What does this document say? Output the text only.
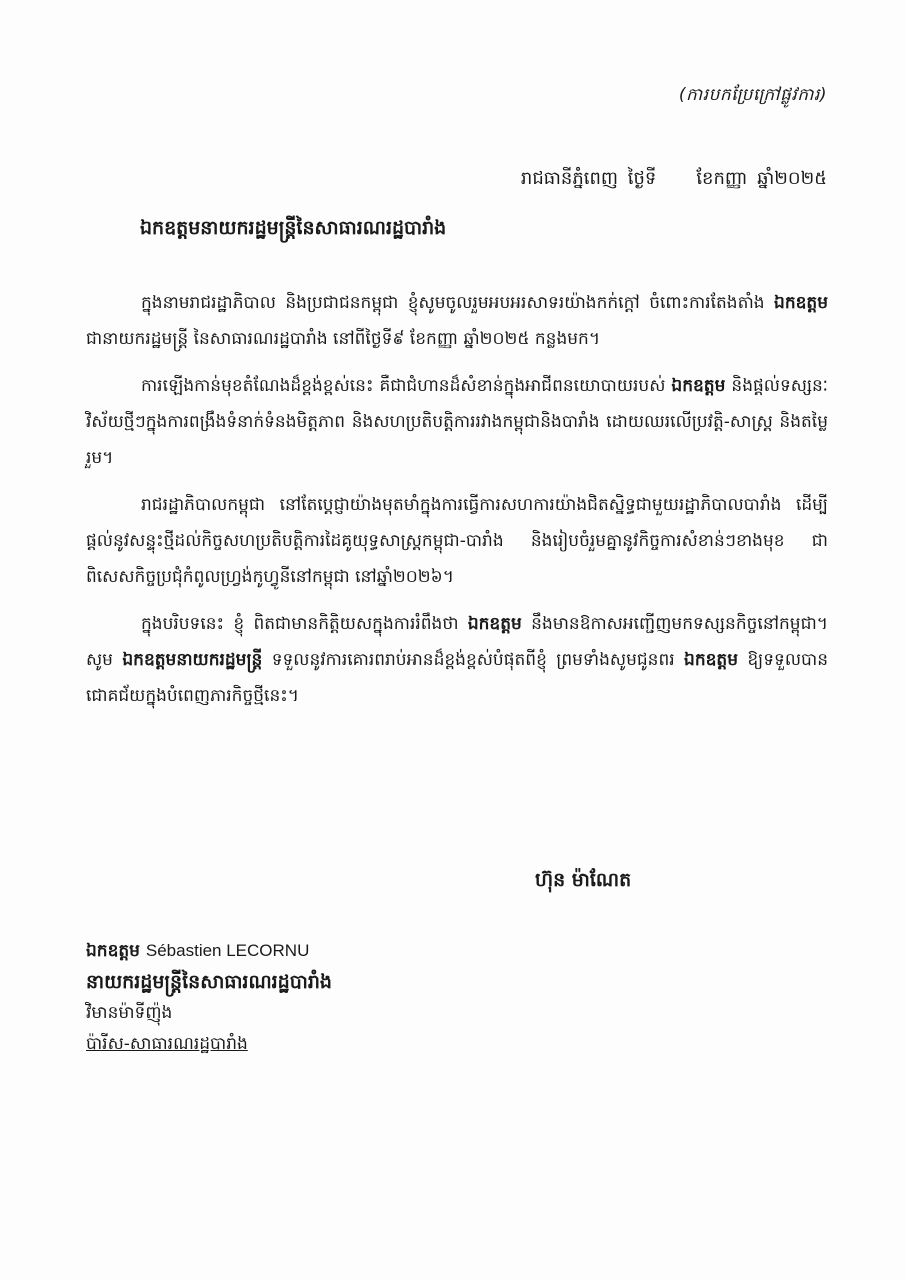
(ការបកប្រែក្រៅផ្លូវការ)
រាជធានីភ្នំពេញ ថ្ងៃទី ខែកញ្ញា ឆ្នាំ២០២៥
ឯកឧត្តមនាយករដ្ឋមន្ត្រីនៃសាធារណរដ្ឋបារាំង

ក្នុងនាមរាជរដ្ឋាភិបាល និងប្រជាជនកម្ពុជា ខ្ញុំសូមចូលរួមអបអរសាទរយ៉ាងកក់ក្តៅ ចំពោះការតែងតាំង ឯកឧត្តម ជានាយករដ្ឋមន្ត្រី នៃសាធារណរដ្ឋបារាំង នៅពីថ្ងៃទី៩ ខែកញ្ញា ឆ្នាំ២០២៥ កន្លងមក។

ការឡើងកាន់មុខតំណែងដ៏ខ្ពង់ខ្ពស់នេះ គឺជាជំហានដ៏សំខាន់ក្នុងអាជីពនយោបាយរបស់ ឯកឧត្តម និងផ្តល់ទស្សនៈវិស័យថ្មីៗក្នុងការពង្រឹងទំនាក់ទំនងមិត្តភាព និងសហប្រតិបត្តិការរវាងកម្ពុជានិងបារាំង ដោយឈរលើប្រវត្តិ-សាស្ត្រ និងតម្លៃរួម។

រាជរដ្ឋាភិបាលកម្ពុជា នៅតែប្តេជ្ញាយ៉ាងមុតមាំក្នុងការធ្វើការសហការយ៉ាងជិតស្និទ្ធជាមួយរដ្ឋាភិបាលបារាំង ដើម្បីផ្តល់នូវសន្ទុះថ្មីដល់កិច្ចសហប្រតិបត្តិការដៃគូយុទ្ធសាស្ត្រកម្ពុជា-បារាំង និងរៀបចំរួមគ្នានូវកិច្ចការសំខាន់ៗខាងមុខ ជាពិសេសកិច្ចប្រជុំកំពូលហ្វ្រង់កូហ្វូនីនៅកម្ពុជា នៅឆ្នាំ២០២៦។

ក្នុងបរិបទនេះ ខ្ញុំ ពិតជាមានកិត្តិយសក្នុងការរំពឹងថា ឯកឧត្តម នឹងមានឱកាសអញ្ជើញមកទស្សនកិច្ចនៅកម្ពុជា។ សូម ឯកឧត្តមនាយករដ្ឋមន្ត្រី ទទួលនូវការគោរពរាប់អានដ៏ខ្ពង់ខ្ពស់បំផុតពីខ្ញុំ ព្រមទាំងសូមជូនពរ ឯកឧត្តម ឱ្យទទួលបានជោគជ័យក្នុងបំពេញភារកិច្ចថ្មីនេះ។

ហ៊ុន ម៉ាណែត
ឯកឧត្តម Sébastien LECORNU
នាយករដ្ឋមន្ត្រីនៃសាធារណរដ្ឋបារាំង
វិមានម៉ាទីញ៉ុង
ប៉ារីស-សាធារណរដ្ឋបារាំង
